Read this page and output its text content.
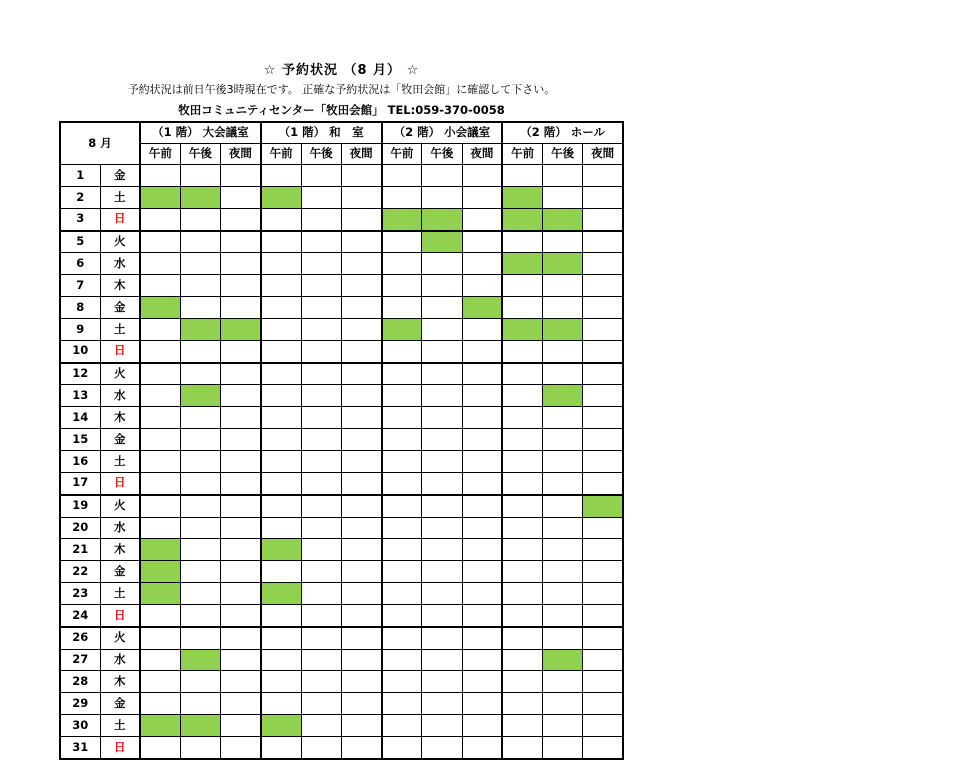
☆ 予約状況 （8 月） ☆
予約状況は前日午後3時現在です。 正確な予約状況は「牧田会館」に確認して下さい。
牧田コミュニティセンター「牧田会館」 TEL:059-370-0058
8 月		（1 階） 大会議室			（1 階） 和　室			（2 階） 小会議室			（2 階） ホール		
		午前	午後	夜間	午前	午後	夜間	午前	午後	夜間	午前	午後	夜間
1	金												
2	土												
3	日												
5	火												
6	水												
7	木												
8	金												
9	土												
10	日												
12	火												
13	水												
14	木												
15	金												
16	土												
17	日												
19	火												
20	水												
21	木												
22	金												
23	土												
24	日												
26	火												
27	水												
28	木												
29	金												
30	土												
31	日												
